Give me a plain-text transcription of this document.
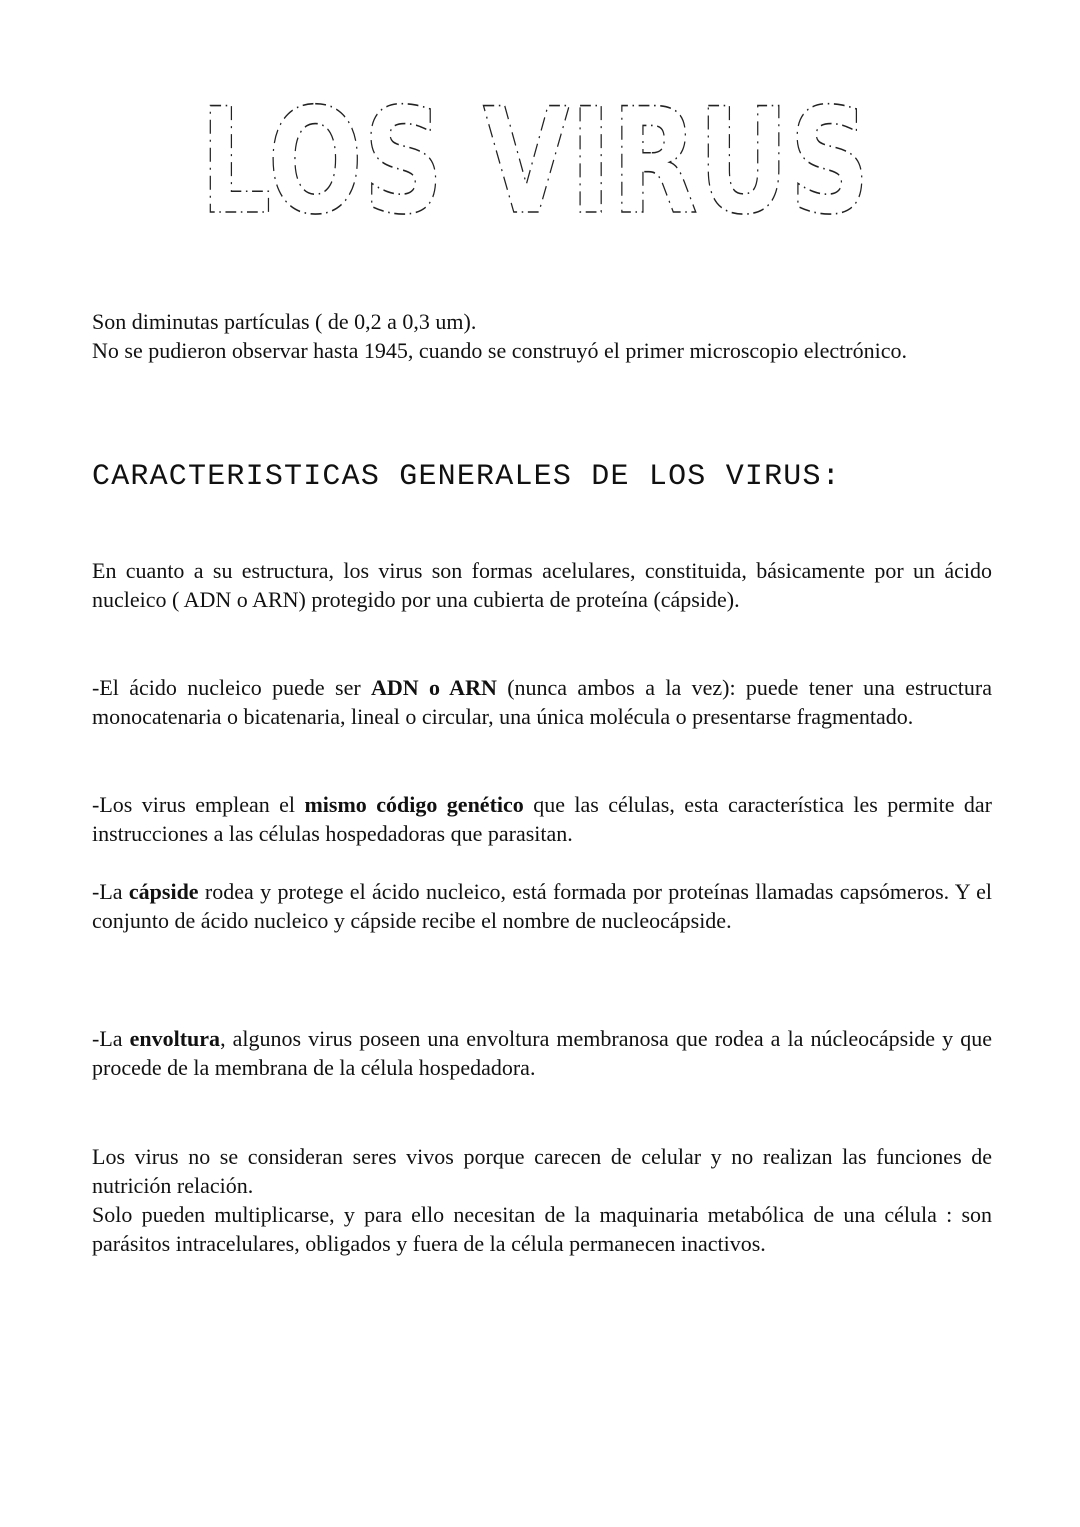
LOS VIRUS

Son diminutas partículas ( de 0,2 a 0,3 um).

No se pudieron observar hasta 1945, cuando se construyó el primer microscopio electrónico.

CARACTERISTICAS GENERALES DE LOS VIRUS:

En cuanto a su estructura, los virus son formas acelulares, constituida, básicamente por un ácido nucleico ( ADN o ARN) protegido por una cubierta de proteína (cápside).

-El ácido nucleico puede ser ADN o ARN (nunca ambos a la vez): puede tener una estructura monocatenaria o bicatenaria, lineal o circular, una única molécula o presentarse fragmentado.

-Los virus emplean el mismo código genético que las células, esta característica les permite dar instrucciones a las células hospedadoras que parasitan.

-La cápside rodea y protege el ácido nucleico, está formada por proteínas llamadas capsómeros. Y el conjunto de ácido nucleico y cápside recibe el nombre de nucleocápside.

-La envoltura, algunos virus poseen una envoltura membranosa que rodea a la núcleocápside y que procede de la membrana de la célula hospedadora.

Los virus no se consideran seres vivos porque carecen de celular y no realizan las funciones de nutrición relación.

Solo pueden multiplicarse, y para ello necesitan de la maquinaria metabólica de una célula : son parásitos intracelulares, obligados y fuera de la célula permanecen inactivos.
